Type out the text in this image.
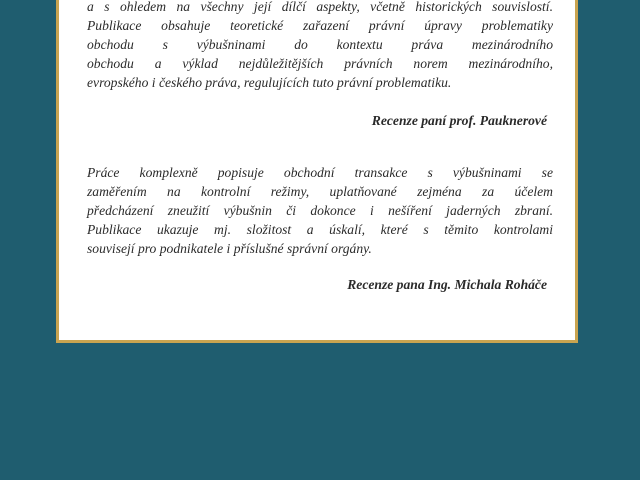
a s ohledem na všechny její dílčí aspekty, včetně historických souvislostí.
Publikace obsahuje teoretické zařazení právní úpravy problematiky
obchodu s výbušninami do kontextu práva mezinárodního
obchodu a výklad nejdůležitějších právních norem mezinárodního,
evropského i českého práva, regulujících tuto právní problematiku.

Recenze paní prof. Pauknerové

Práce komplexně popisuje obchodní transakce s výbušninami se
zaměřením na kontrolní režimy, uplatňované zejména za účelem
předcházení zneužití výbušnin či dokonce i nešíření jaderných zbraní.
Publikace ukazuje mj. složitost a úskalí, které s těmito kontrolami
souvisejí pro podnikatele i příslušné správní orgány.

Recenze pana Ing. Michala Roháče
